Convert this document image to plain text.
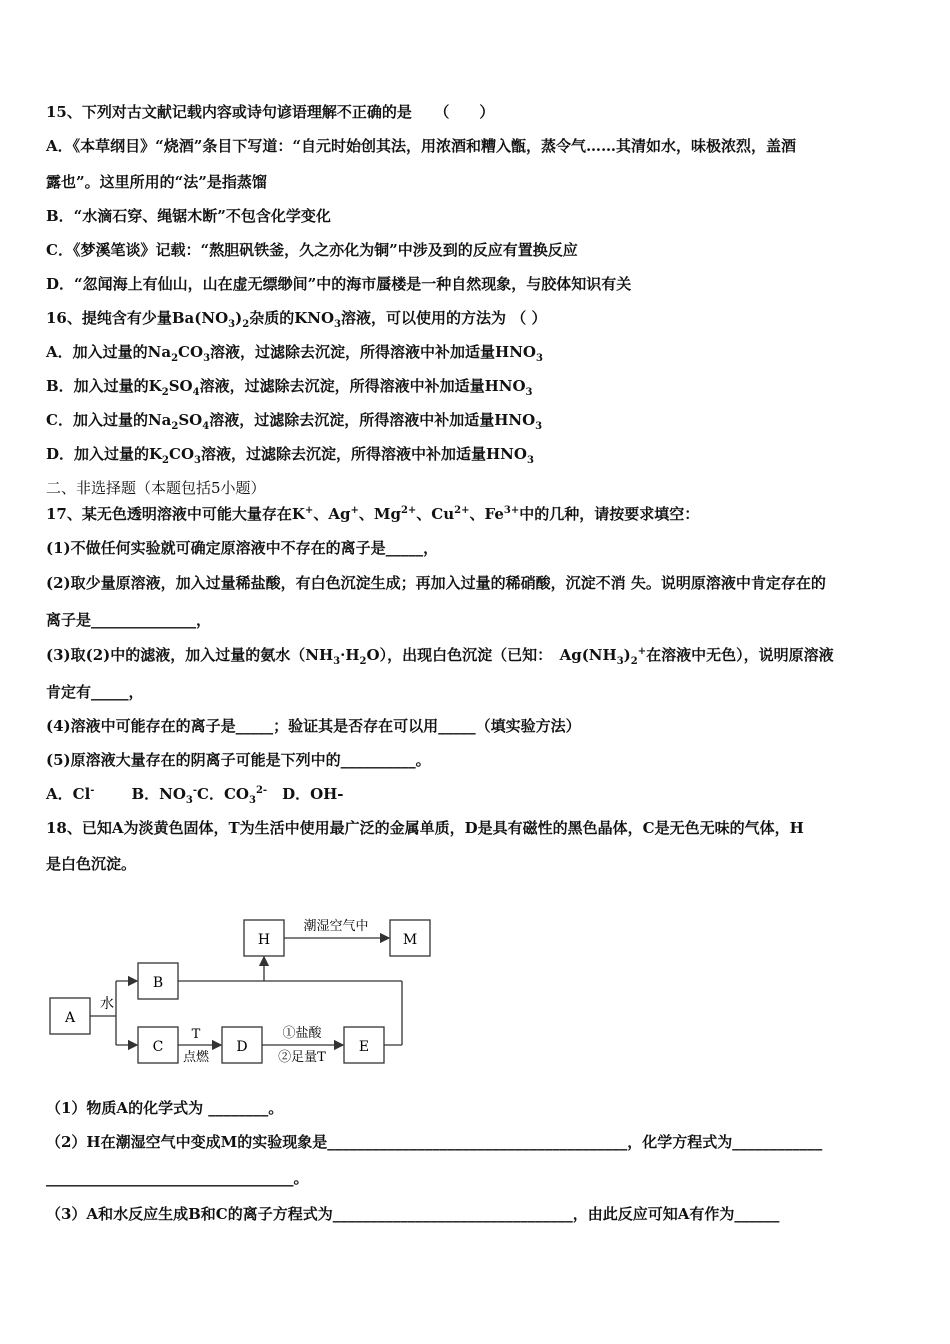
15、下列对古文献记载内容或诗句谚语理解不正确的是　　（　　）
A．《本草纲目》“烧酒”条目下写道：“自元时始创其法，用浓酒和糟入甑，蒸令气……其清如水，味极浓烈，盖酒
露也”。这里所用的“法”是指蒸馏
B．“水滴石穿、绳锯木断”不包含化学变化
C．《梦溪笔谈》记载：“熬胆矾铁釜，久之亦化为铜”中涉及到的反应有置换反应
D．“忽闻海上有仙山，山在虚无缥缈间”中的海市蜃楼是一种自然现象，与胶体知识有关
16、提纯含有少量$Ba(NO_3)_2$杂质的$KNO_3$溶液，可以使用的方法为 （ ）
A．加入过量的$Na_2CO_3$溶液，过滤除去沉淀，所得溶液中补加适量$HNO_3$
B．加入过量的$K_2SO_4$溶液，过滤除去沉淀，所得溶液中补加适量$HNO_3$
C．加入过量的$Na_2SO_4$溶液，过滤除去沉淀，所得溶液中补加适量$HNO_3$
D．加入过量的$K_2CO_3$溶液，过滤除去沉淀，所得溶液中补加适量$HNO_3$
二、非选择题（本题包括5小题）
17、某无色透明溶液中可能大量存在K+、Ag+、$Mg^{2+}$、$Cu^{2+}$、$Fe^{3+}$中的几种，请按要求填空：
(1)不做任何实验就可确定原溶液中不存在的离子是_____，
(2)取少量原溶液，加入过量稀盐酸，有白色沉淀生成；再加入过量的稀硝酸，沉淀不消 失。说明原溶液中肯定存在的
离子是______________，
(3)取(2)中的滤液，加入过量的氨水$(NH_3\cdot H_2O)$，出现白色沉淀（已知：　$Ag(NH_3)_2^+$在溶液中无色），说明原溶液
肯定有_____，
(4)溶液中可能存在的离子是_____；验证其是否存在可以用_____（填实验方法）
(5)原溶液大量存在的阴离子可能是下列中的__________。
A．Cl-　B．$NO_3^-C$．$CO_3^{2-}$　D．OH-
18、已知A为淡黄色固体，T为生活中使用最广泛的金属单质，D是具有磁性的黑色晶体，C是无色无味的气体，H
是白色沉淀。
A
B
C	D	E
H	M
水
T
点燃
①盐酸
②足量T
潮湿空气中
（1）物质A的化学式为 ________。
（2）H在潮湿空气中变成M的实验现象是________________________________________，化学方程式为____________
_________________________________。
（3）A和水反应生成B和C的离子方程式为________________________________，由此反应可知A有作为______
